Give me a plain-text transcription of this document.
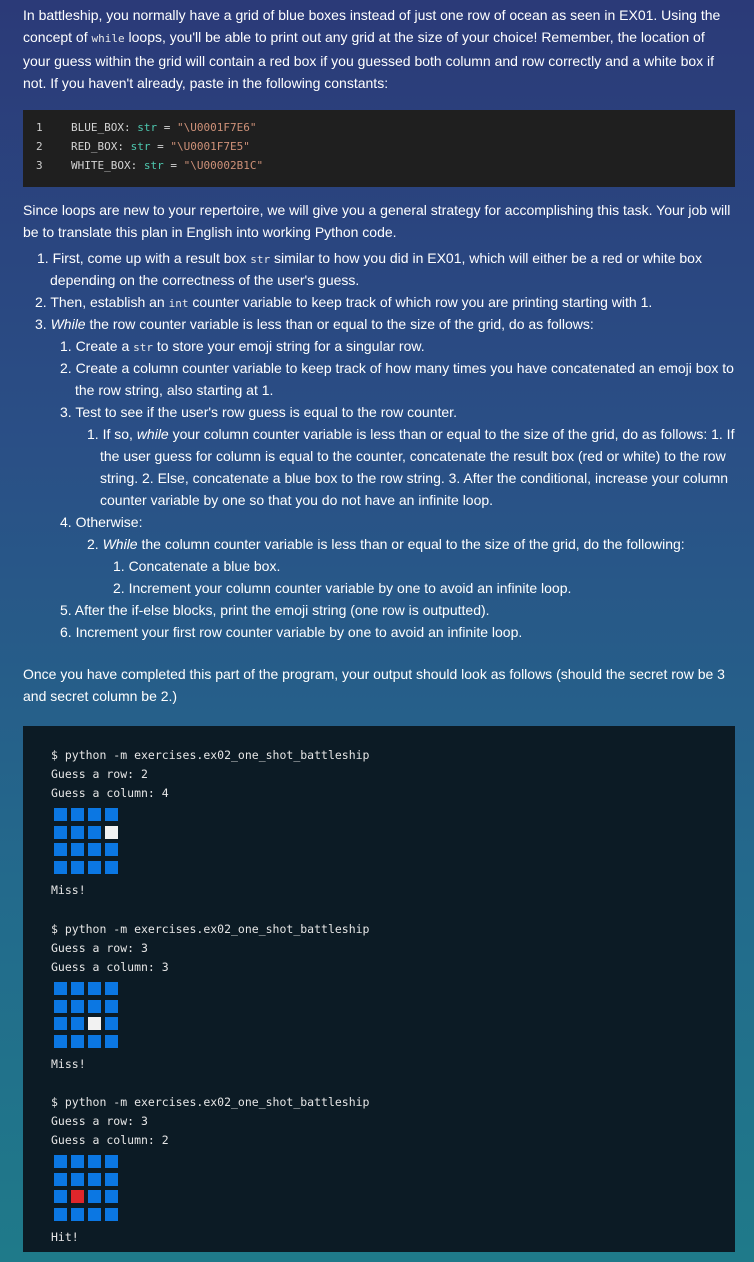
In battleship, you normally have a grid of blue boxes instead of just one row of ocean as seen in EX01. Using the concept of while loops, you'll be able to print out any grid at the size of your choice! Remember, the location of your guess within the grid will contain a red box if you guessed both column and row correctly and a white box if not. If you haven't already, paste in the following constants:

1	BLUE_BOX: str = "\U0001F7E6"
2	RED_BOX: str = "\U0001F7E5"
3	WHITE_BOX: str = "\U00002B1C"

Since loops are new to your repertoire, we will give you a general strategy for accomplishing this task. Your job will be to translate this plan in English into working Python code.

1. First, come up with a result box str similar to how you did in EX01, which will either be a red or white box
depending on the correctness of the user's guess.
2. Then, establish an int counter variable to keep track of which row you are printing starting with 1.
3. While the row counter variable is less than or equal to the size of the grid, do as follows:
1. Create a str to store your emoji string for a singular row.
2. Create a column counter variable to keep track of how many times you have concatenated an emoji box to
the row string, also starting at 1.
3. Test to see if the user's row guess is equal to the row counter.
1. If so, while your column counter variable is less than or equal to the size of the grid, do as follows: 1. If
the user guess for column is equal to the counter, concatenate the result box (red or white) to the row
string. 2. Else, concatenate a blue box to the row string. 3. After the conditional, increase your column
counter variable by one so that you do not have an infinite loop.
4. Otherwise:
2. While the column counter variable is less than or equal to the size of the grid, do the following:
1. Concatenate a blue box.
2. Increment your column counter variable by one to avoid an infinite loop.
5. After the if-else blocks, print the emoji string (one row is outputted).
6. Increment your first row counter variable by one to avoid an infinite loop.

Once you have completed this part of the program, your output should look as follows (should the secret row be 3 and secret column be 2.)

$ python -m exercises.ex02_one_shot_battleship
Guess a row: 2
Guess a column: 4
Miss!
$ python -m exercises.ex02_one_shot_battleship
Guess a row: 3
Guess a column: 3
Miss!
$ python -m exercises.ex02_one_shot_battleship
Guess a row: 3
Guess a column: 2
Hit!
